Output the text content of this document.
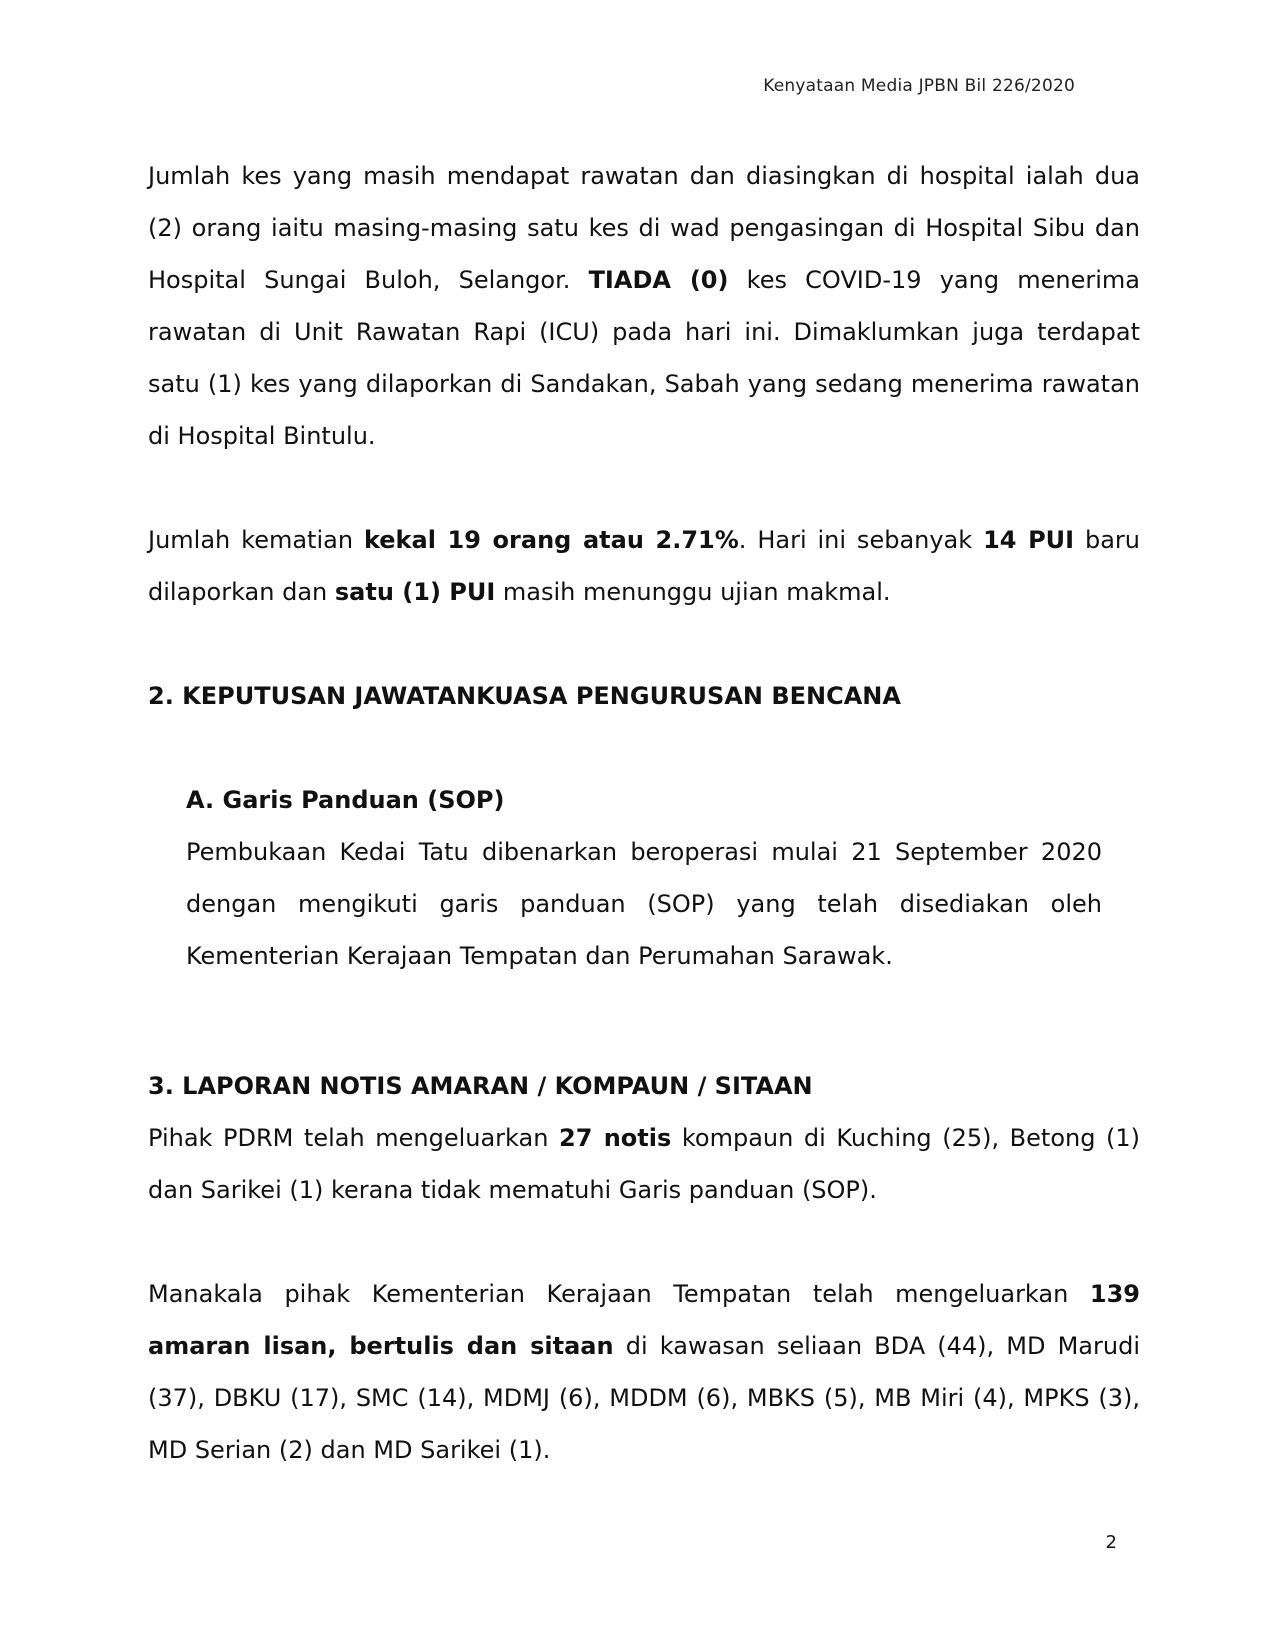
Kenyataan Media JPBN Bil 226/2020

Jumlah kes yang masih mendapat rawatan dan diasingkan di hospital ialah dua (2) orang iaitu masing-masing satu kes di wad pengasingan di Hospital Sibu dan Hospital Sungai Buloh, Selangor. TIADA (0) kes COVID-19 yang menerima rawatan di Unit Rawatan Rapi (ICU) pada hari ini. Dimaklumkan juga terdapat satu (1) kes yang dilaporkan di Sandakan, Sabah yang sedang menerima rawatan di Hospital Bintulu.

Jumlah kematian kekal 19 orang atau 2.71%. Hari ini sebanyak 14 PUI baru dilaporkan dan satu (1) PUI masih menunggu ujian makmal.

2. KEPUTUSAN JAWATANKUASA PENGURUSAN BENCANA

A. Garis Panduan (SOP)

Pembukaan Kedai Tatu dibenarkan beroperasi mulai 21 September 2020 dengan mengikuti garis panduan (SOP) yang telah disediakan oleh Kementerian Kerajaan Tempatan dan Perumahan Sarawak.

3. LAPORAN NOTIS AMARAN / KOMPAUN / SITAAN

Pihak PDRM telah mengeluarkan 27 notis kompaun di Kuching (25), Betong (1) dan Sarikei (1) kerana tidak mematuhi Garis panduan (SOP).

Manakala pihak Kementerian Kerajaan Tempatan telah mengeluarkan 139 amaran lisan, bertulis dan sitaan di kawasan seliaan BDA (44), MD Marudi (37), DBKU (17), SMC (14), MDMJ (6), MDDM (6), MBKS (5), MB Miri (4), MPKS (3), MD Serian (2) dan MD Sarikei (1).

2
